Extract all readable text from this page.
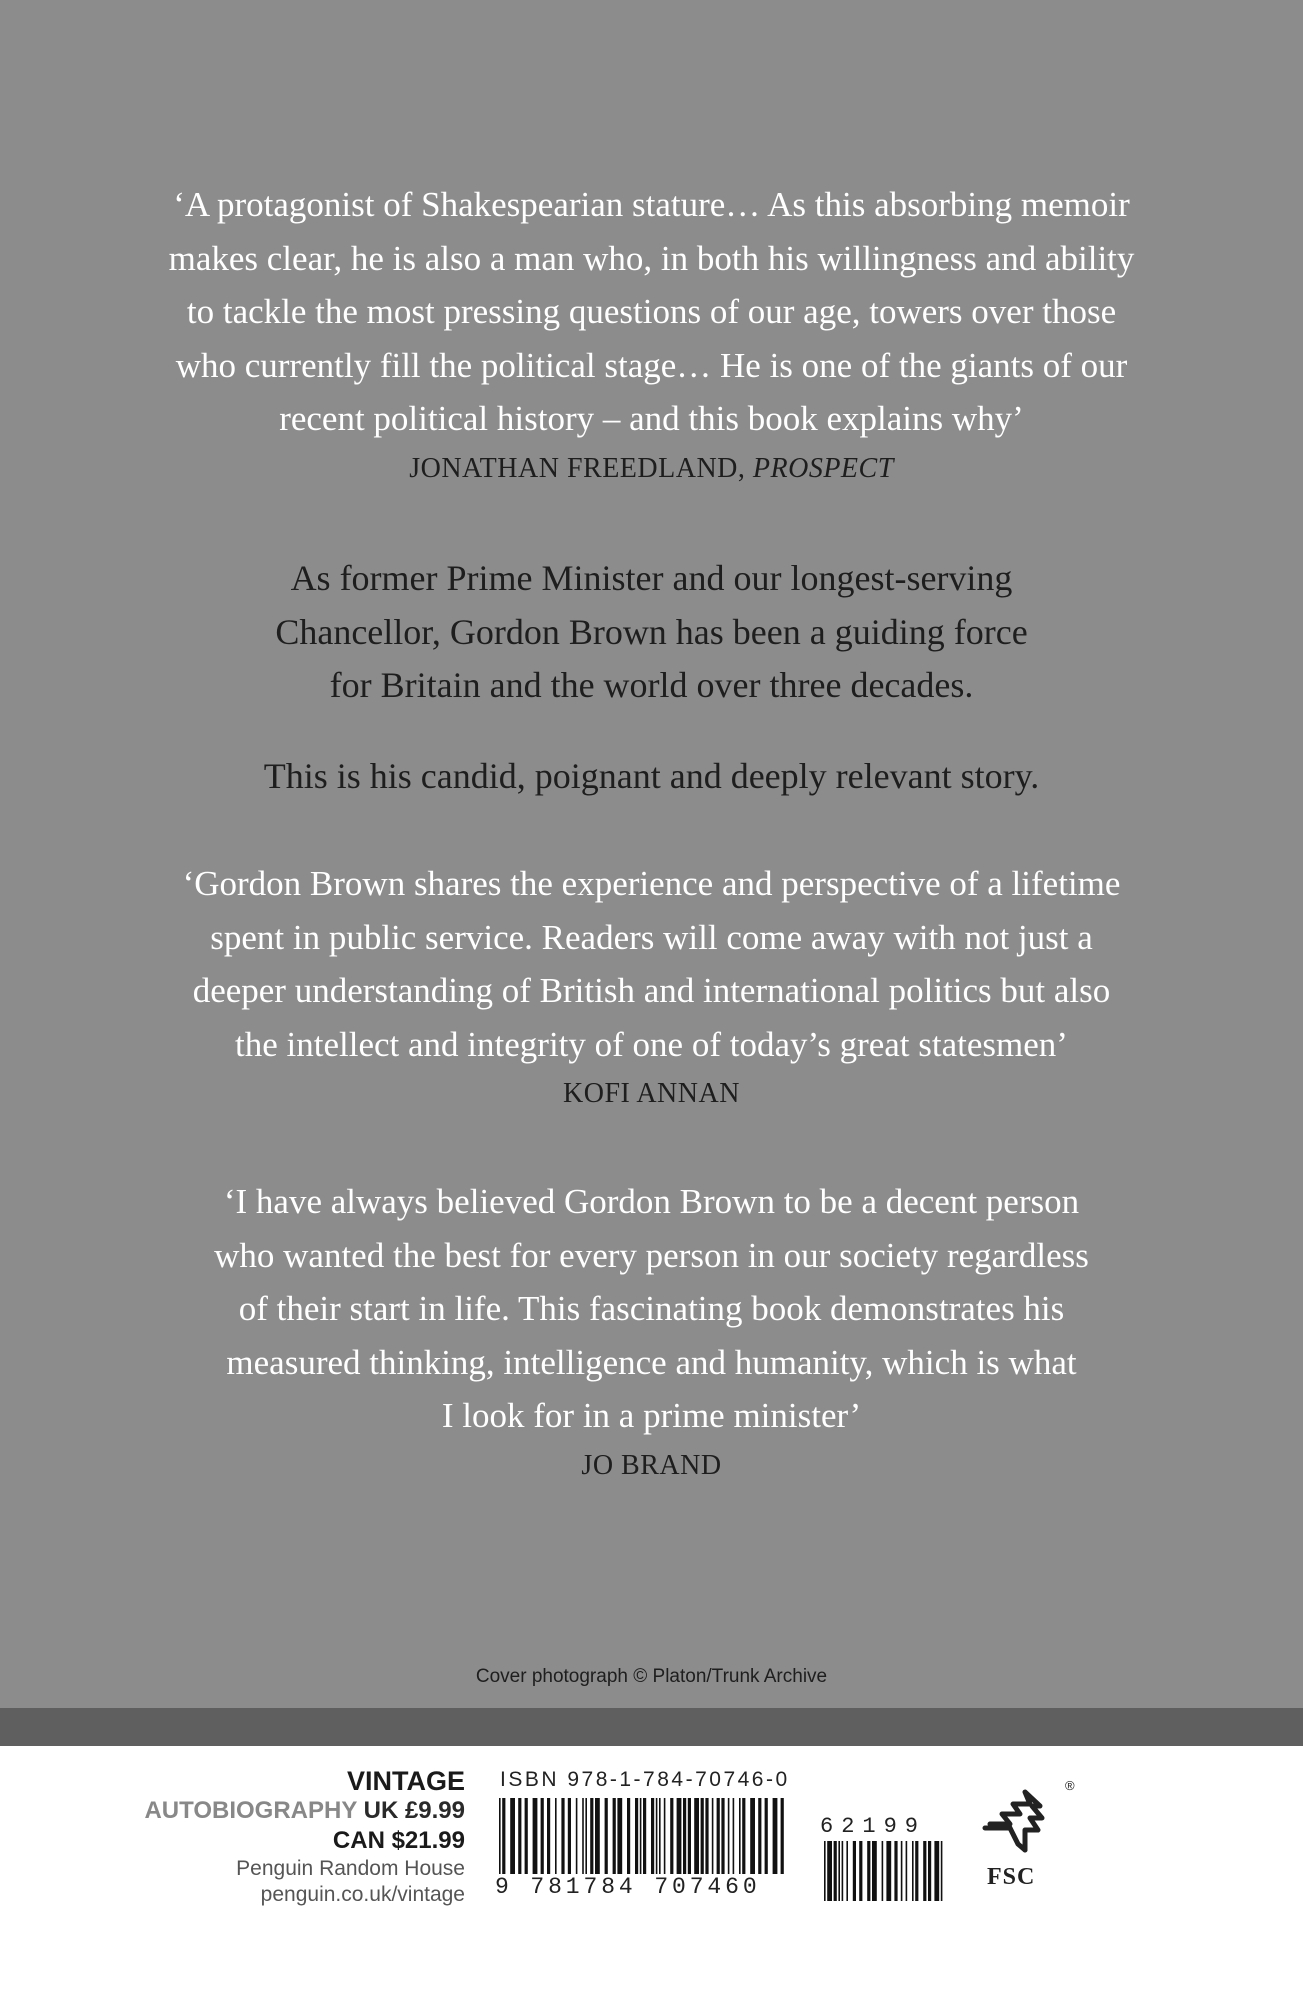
‘A protagonist of Shakespearian stature… As this absorbing memoir

makes clear, he is also a man who, in both his willingness and ability

to tackle the most pressing questions of our age, towers over those

who currently fill the political stage… He is one of the giants of our

recent political history – and this book explains why’

JONATHAN FREEDLAND, PROSPECT

As former Prime Minister and our longest-serving

Chancellor, Gordon Brown has been a guiding force

for Britain and the world over three decades.

This is his candid, poignant and deeply relevant story.

‘Gordon Brown shares the experience and perspective of a lifetime

spent in public service. Readers will come away with not just a

deeper understanding of British and international politics but also

the intellect and integrity of one of today’s great statesmen’

KOFI ANNAN

‘I have always believed Gordon Brown to be a decent person

who wanted the best for every person in our society regardless

of their start in life. This fascinating book demonstrates his

measured thinking, intelligence and humanity, which is what

I look for in a prime minister’

JO BRAND

Cover photograph © Platon/Trunk Archive
VINTAGE
AUTOBIOGRAPHY UK £9.99
CAN $21.99
Penguin Random House
penguin.co.uk/vintage
ISBN 978-1-784-70746-0
9 781784 707460
62199
®
FSC
